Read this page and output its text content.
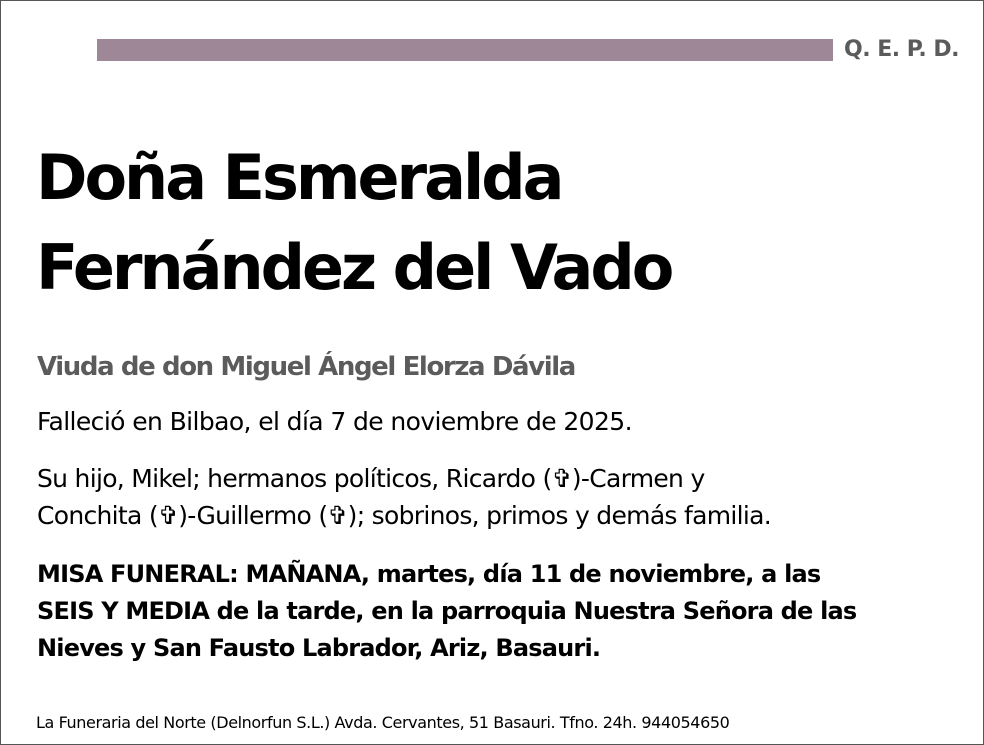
Q. E. P. D.
Doña Esmeralda
Fernández del Vado
Viuda de don Miguel Ángel Elorza Dávila
Falleció en Bilbao, el día 7 de noviembre de 2025.
Su hijo, Mikel; hermanos políticos, Ricardo (✞)-Carmen y
Conchita (✞)-Guillermo (✞); sobrinos, primos y demás familia.
MISA FUNERAL: MAÑANA, martes, día 11 de noviembre, a las
SEIS Y MEDIA de la tarde, en la parroquia Nuestra Señora de las
Nieves y San Fausto Labrador, Ariz, Basauri.
La Funeraria del Norte (Delnorfun S.L.) Avda. Cervantes, 51 Basauri. Tfno. 24h. 944054650
